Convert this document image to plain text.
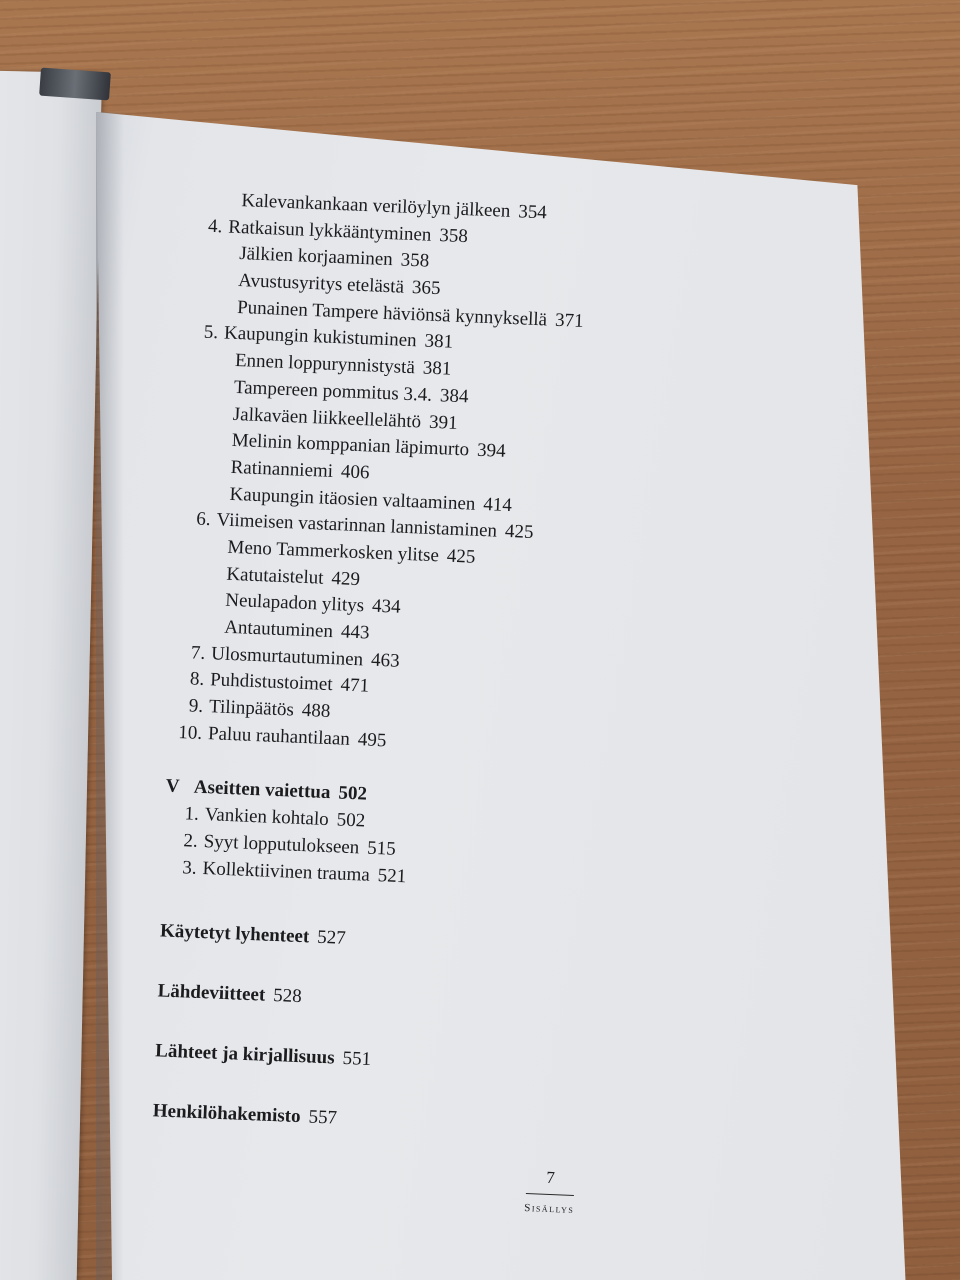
Kalevankankaan verilöylyn jälkeen 354
4. Ratkaisun lykkääntyminen 358
Jälkien korjaaminen 358
Avustusyritys etelästä 365
Punainen Tampere häviönsä kynnyksellä 371
5. Kaupungin kukistuminen 381
Ennen loppurynnistystä 381
Tampereen pommitus 3.4. 384
Jalkaväen liikkeellelähtö 391
Melinin komppanian läpimurto 394
Ratinanniemi 406
Kaupungin itäosien valtaaminen 414
6. Viimeisen vastarinnan lannistaminen 425
Meno Tammerkosken ylitse 425
Katutaistelut 429
Neulapadon ylitys 434
Antautuminen 443
7. Ulosmurtautuminen 463
8. Puhdistustoimet 471
9. Tilinpäätös 488
10. Paluu rauhantilaan 495
V Aseitten vaiettua 502
1. Vankien kohtalo 502
2. Syyt lopputulokseen 515
3. Kollektiivinen trauma 521
Käytetyt lyhenteet 527
Lähdeviitteet 528
Lähteet ja kirjallisuus 551
Henkilöhakemisto 557
7
Sisällys
